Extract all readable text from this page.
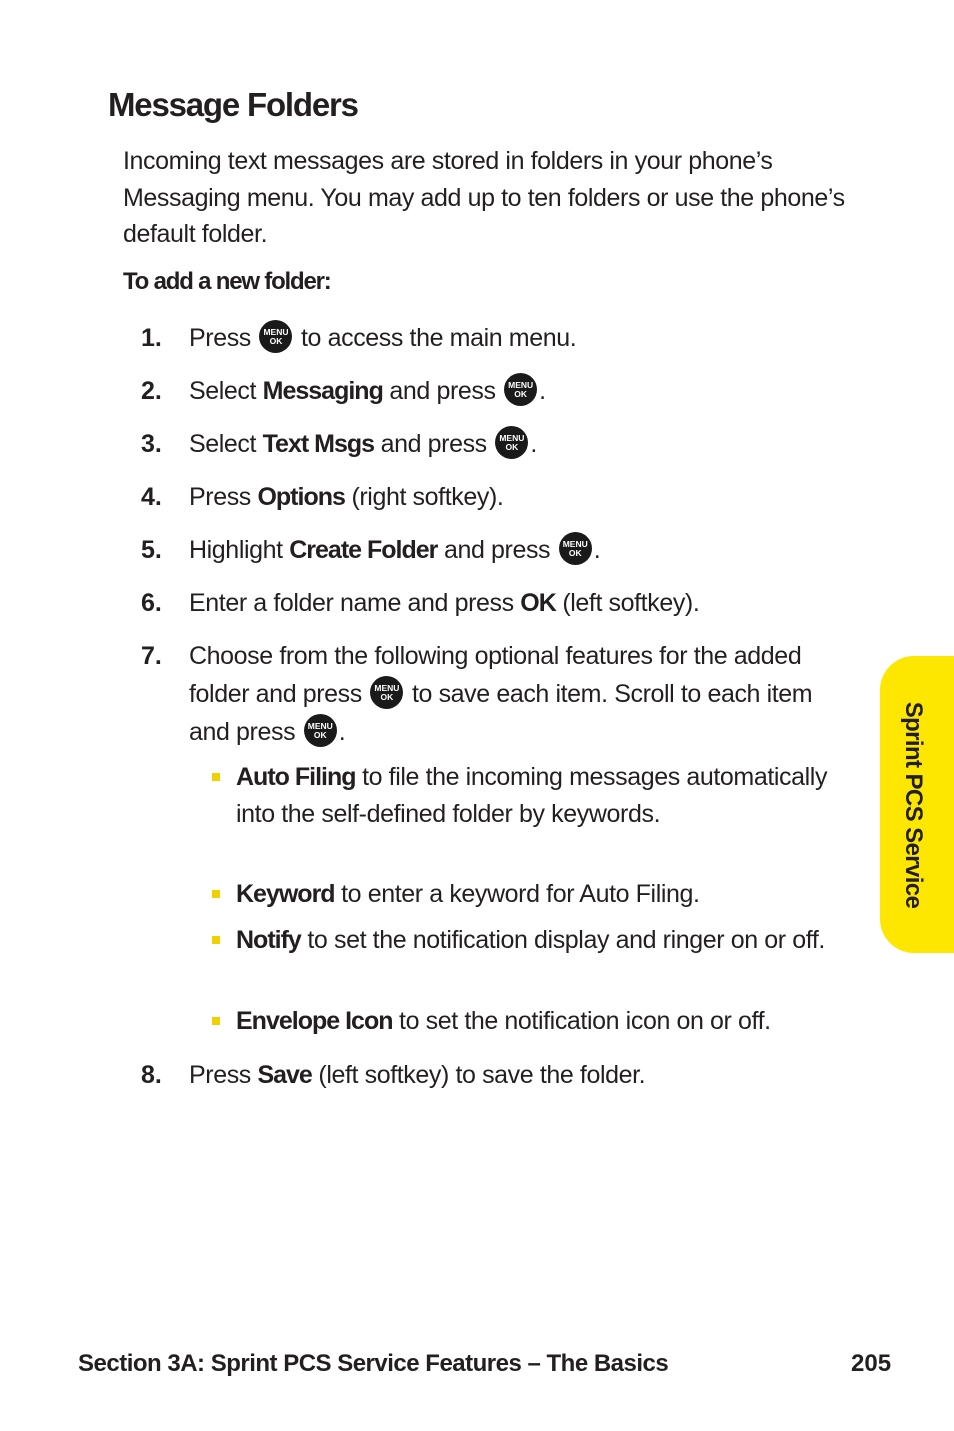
Message Folders

Incoming text messages are stored in folders in your phone’s Messaging menu. You may add up to ten folders or use the phone’s default folder.

To add a new folder:

1. Press	MENU
OK to access the main menu.
2. Select Messaging and press	MENU
OK .
3. Select Text Msgs and press	MENU
OK .
4. Press Options (right softkey).
5. Highlight Create Folder and press	MENU
OK .
6. Enter a folder name and press OK (left softkey).
7. Choose from the following optional features for the added folder and press	MENU
OK to save each item. Scroll to each item and press	MENU
OK .
Auto Filing to file the incoming messages automatically into the self-defined folder by keywords.
Keyword to enter a keyword for Auto Filing.
Notify to set the notification display and ringer on or off.
Envelope Icon to set the notification icon on or off.
8. Press Save (left softkey) to save the folder.
Sprint PCS Service
Section 3A: Sprint PCS Service Features – The Basics	205
